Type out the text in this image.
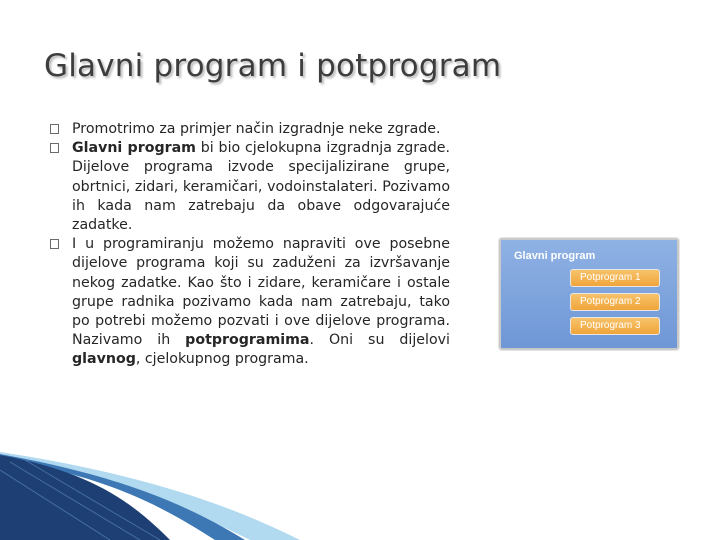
Glavni program i potprogram
Promotrimo za primjer način izgradnje neke zgrade.
Glavni program bi bio cjelokupna izgradnja zgrade. Dijelove programa izvode specijalizirane grupe, obrtnici, zidari, keramičari, vodoinstalateri. Pozivamo ih kada nam zatrebaju da obave odgovarajuće zadatke.
I u programiranju možemo napraviti ove posebne dijelove programa koji su zaduženi za izvršavanje nekog zadatke. Kao što i zidare, keramičare i ostale grupe radnika pozivamo kada nam zatrebaju, tako po potrebi možemo pozvati i ove dijelove programa. Nazivamo ih potprogramima. Oni su dijelovi glavnog, cjelokupnog programa.
Glavni program
Potprogram 1
Potprogram 2
Potprogram 3
